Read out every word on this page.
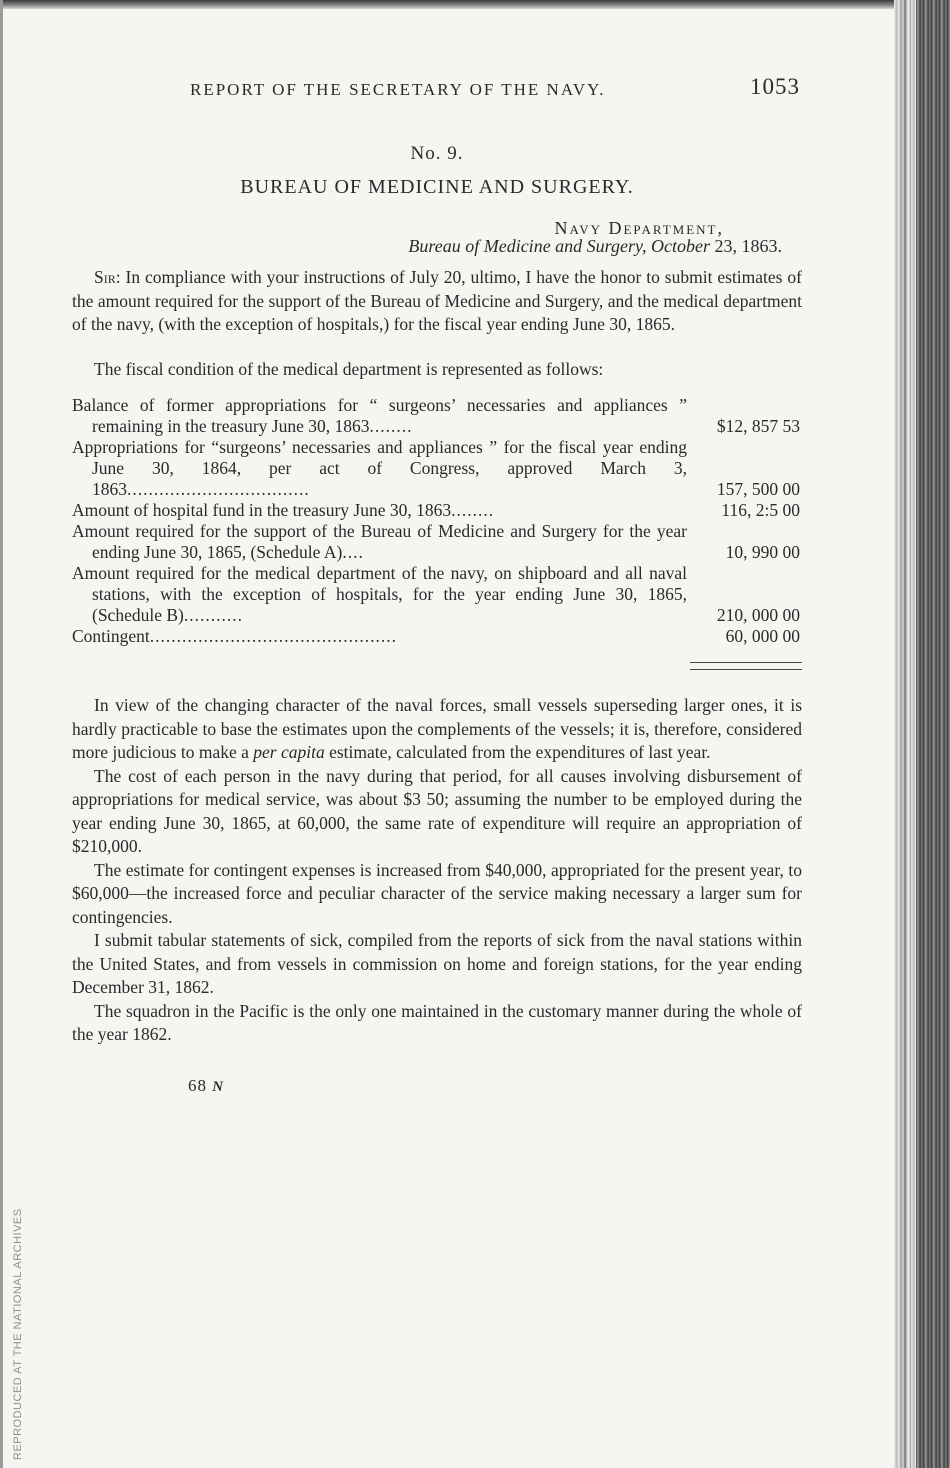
REPORT OF THE SECRETARY OF THE NAVY.	1053
No. 9.
BUREAU OF MEDICINE AND SURGERY.
Navy Department,
Bureau of Medicine and Surgery, October 23, 1863.

Sir: In compliance with your instructions of July 20, ultimo, I have the honor to submit estimates of the amount required for the support of the Bureau of Medicine and Surgery, and the medical department of the navy, (with the exception of hospitals,) for the fiscal year ending June 30, 1865.

The fiscal condition of the medical department is represented as follows:

Balance of former appropriations for “ surgeons’ necessaries and appliances ” remaining in the treasury June 30, 1863........	$12, 857 53
Appropriations for “surgeons’ necessaries and appliances ” for the fiscal year ending June 30, 1864, per act of Congress, approved March 3, 1863..................................	157, 500 00
Amount of hospital fund in the treasury June 30, 1863........	116, 2:5 00
Amount required for the support of the Bureau of Medicine and Surgery for the year ending June 30, 1865, (Schedule A)....	10, 990 00
Amount required for the medical department of the navy, on shipboard and all naval stations, with the exception of hospitals, for the year ending June 30, 1865, (Schedule B)...........	210, 000 00
Contingent..............................................	60, 000 00

In view of the changing character of the naval forces, small vessels superseding larger ones, it is hardly practicable to base the estimates upon the complements of the vessels; it is, therefore, considered more judicious to make a per capita estimate, calculated from the expenditures of last year.

The cost of each person in the navy during that period, for all causes involving disbursement of appropriations for medical service, was about $3 50; assuming the number to be employed during the year ending June 30, 1865, at 60,000, the same rate of expenditure will require an appropriation of $210,000.

The estimate for contingent expenses is increased from $40,000, appropriated for the present year, to $60,000—the increased force and peculiar character of the service making necessary a larger sum for contingencies.

I submit tabular statements of sick, compiled from the reports of sick from the naval stations within the United States, and from vessels in commission on home and foreign stations, for the year ending December 31, 1862.

The squadron in the Pacific is the only one maintained in the customary manner during the whole of the year 1862.

68 N
REPRODUCED AT THE NATIONAL ARCHIVES
